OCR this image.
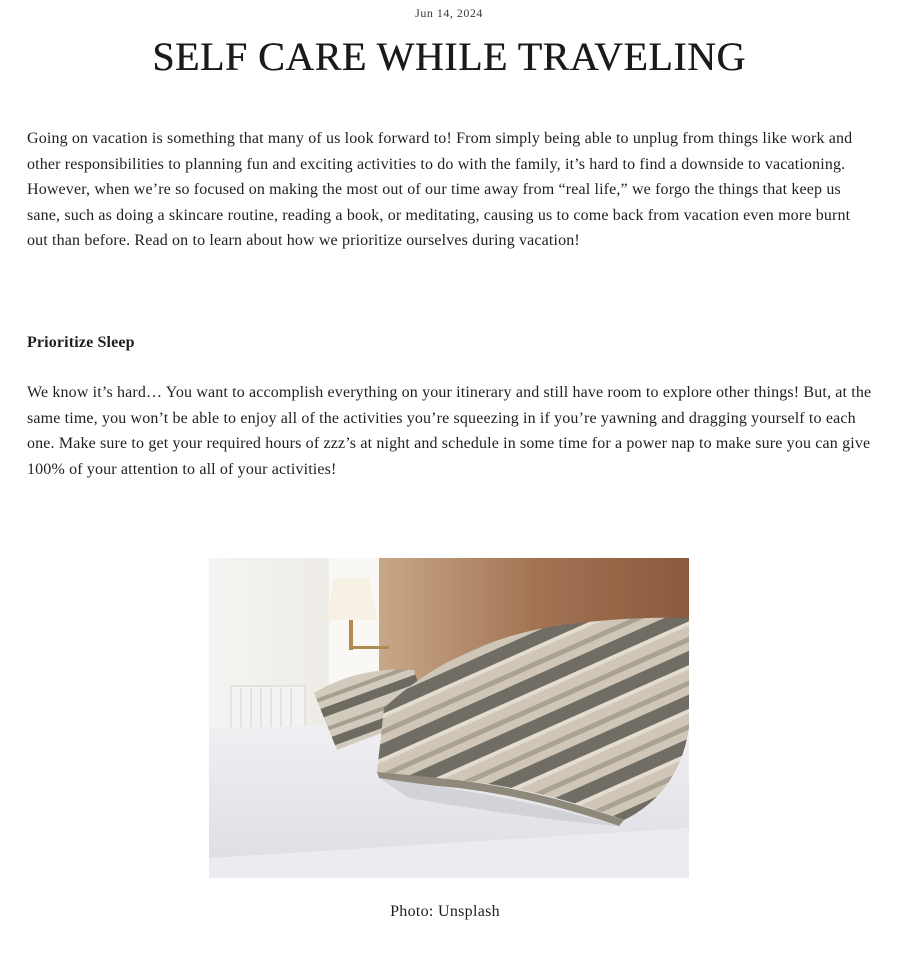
Jun 14, 2024
SELF CARE WHILE TRAVELING

Going on vacation is something that many of us look forward to! From simply being able to unplug from things like work and other responsibilities to planning fun and exciting activities to do with the family, it’s hard to find a downside to vacationing. However, when we’re so focused on making the most out of our time away from “real life,” we forgo the things that keep us sane, such as doing a skincare routine, reading a book, or meditating, causing us to come back from vacation even more burnt out than before. Read on to learn about how we prioritize ourselves during vacation!

Prioritize Sleep

We know it’s hard… You want to accomplish everything on your itinerary and still have room to explore other things! But, at the same time, you won’t be able to enjoy all of the activities you’re squeezing in if you’re yawning and dragging yourself to each one. Make sure to get your required hours of zzz’s at night and schedule in some time for a power nap to make sure you can give 100% of your attention to all of your activities!

Photo: Unsplash
